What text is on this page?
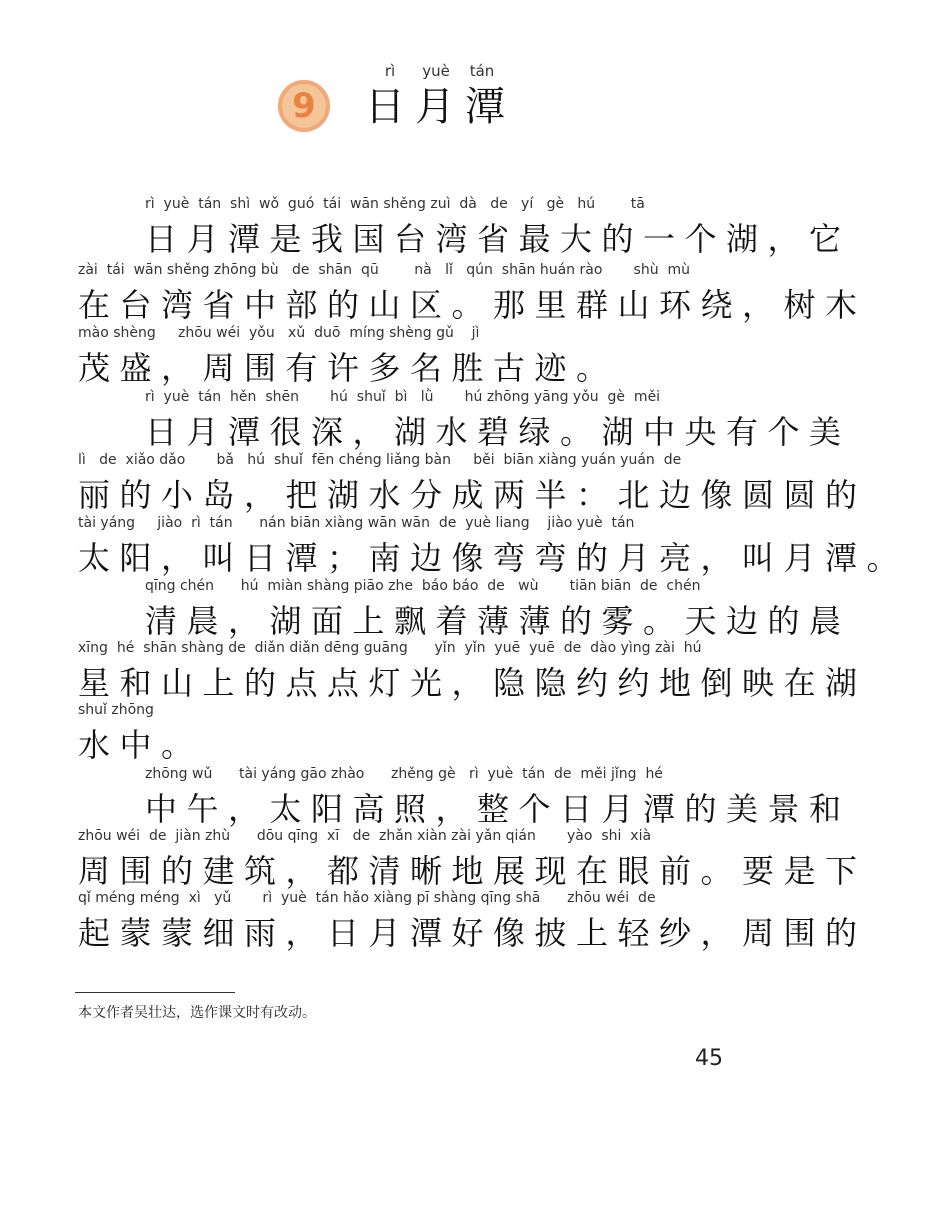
rì	yuè	tán
9	日月潭
rì  yuè  tán  shì  wǒ  guó  tái  wān shěng zuì  dà   de   yí   gè   hú        tā
日月潭是我国台湾省最大的一个湖，它
zài  tái  wān shěng zhōng bù   de  shān  qū        nà   lǐ   qún  shān huán rào       shù  mù
在台湾省中部的山区。那里群山环绕，树木
mào shèng     zhōu wéi  yǒu   xǔ  duō  míng shèng gǔ    jì
茂盛，周围有许多名胜古迹。
rì  yuè  tán  hěn  shēn       hú  shuǐ  bì   lǜ       hú zhōng yāng yǒu  gè  měi
日月潭很深，湖水碧绿。湖中央有个美
lì   de  xiǎo dǎo       bǎ   hú  shuǐ  fēn chéng liǎng bàn     běi  biān xiàng yuán yuán  de
丽的小岛，把湖水分成两半：北边像圆圆的
tài yáng     jiào  rì  tán      nán biān xiàng wān wān  de  yuè liang    jiào yuè  tán
太阳，叫日潭；南边像弯弯的月亮，叫月潭。
qīng chén      hú  miàn shàng piāo zhe  báo báo  de   wù       tiān biān  de  chén
清晨，湖面上飘着薄薄的雾。天边的晨
xīng  hé  shān shàng de  diǎn diǎn dēng guāng      yǐn  yǐn  yuē  yuē  de  dào yìng zài  hú
星和山上的点点灯光，隐隐约约地倒映在湖
shuǐ zhōng
水中。
zhōng wǔ      tài yáng gāo zhào      zhěng gè   rì  yuè  tán  de  měi jǐng  hé
中午，太阳高照，整个日月潭的美景和
zhōu wéi  de  jiàn zhù      dōu qīng  xī   de  zhǎn xiàn zài yǎn qián       yào  shi  xià
周围的建筑，都清晰地展现在眼前。要是下
qǐ méng méng  xì   yǔ       rì  yuè  tán hǎo xiàng pī shàng qīng shā      zhōu wéi  de
起蒙蒙细雨，日月潭好像披上轻纱，周围的
本文作者吴壮达，选作课文时有改动。
45
